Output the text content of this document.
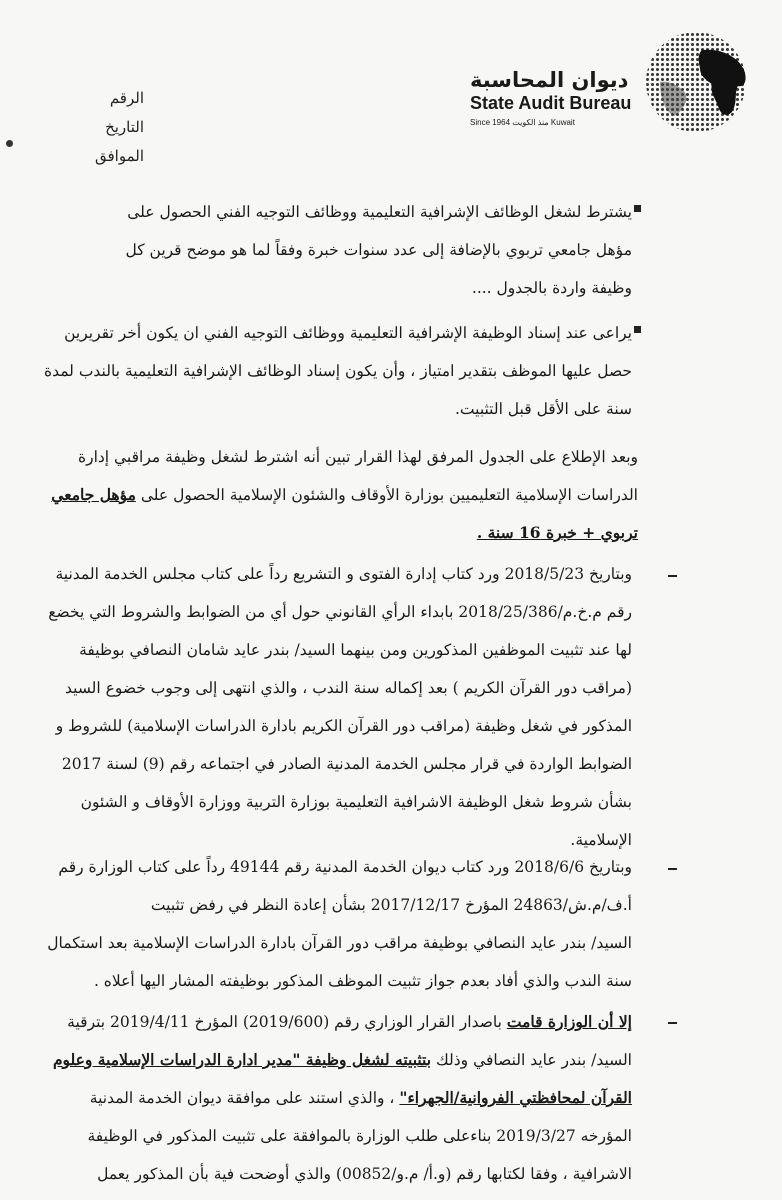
الرقم
التاريخ
الموافق
ديوان المحاسبة
State Audit Bureau
Since 1964 منذ الكويت Kuwait
يشترط لشغل الوظائف الإشرافية التعليمية ووظائف التوجيه الفني الحصول على
مؤهل جامعي تربوي بالإضافة إلى عدد سنوات خبرة وفقاً لما هو موضح قرين كل
وظيفة واردة بالجدول ....
يراعى عند إسناد الوظيفة الإشرافية التعليمية ووظائف التوجيه الفني ان يكون أخر تقريرين
حصل عليها الموظف بتقدير امتياز ، وأن يكون إسناد الوظائف الإشرافية التعليمية بالندب لمدة
سنة على الأقل قبل التثبيت.
وبعد الإطلاع على الجدول المرفق لهذا القرار تبين أنه اشترط لشغل وظيفة مراقبي إدارة
الدراسات الإسلامية التعليميين بوزارة الأوقاف والشئون الإسلامية الحصول على مؤهل جامعي
تربوي + خبرة 16 سنة .
وبتاريخ 2018/5/23 ورد كتاب إدارة الفتوى و التشريع رداً على كتاب مجلس الخدمة المدنية
رقم م.خ.م/2018/25/386 بابداء الرأي القانوني حول أي من الضوابط والشروط التي يخضع
لها عند تثبيت الموظفين المذكورين ومن بينهما السيد/ بندر عايد شامان النصافي بوظيفة
(مراقب دور القرآن الكريم ) بعد إكماله سنة الندب ، والذي انتهى إلى وجوب خضوع السيد
المذكور في شغل وظيفة (مراقب دور القرآن الكريم بادارة الدراسات الإسلامية) للشروط و
الضوابط الواردة في قرار مجلس الخدمة المدنية الصادر في اجتماعه رقم (9) لسنة 2017
بشأن شروط شغل الوظيفة الاشرافية التعليمية بوزارة التربية ووزارة الأوقاف و الشئون
الإسلامية.
وبتاريخ 2018/6/6 ورد كتاب ديوان الخدمة المدنية رقم 49144 رداً على كتاب الوزارة رقم
أ.ف/م.ش/24863 المؤرخ 2017/12/17 بشأن إعادة النظر في رفض تثبيت
السيد/ بندر عايد النصافي بوظيفة مراقب دور القرآن بادارة الدراسات الإسلامية بعد استكمال
سنة الندب والذي أفاد بعدم جواز تثبيت الموظف المذكور بوظيفته المشار اليها أعلاه .
إلا أن الوزارة قامت باصدار القرار الوزاري رقم (2019/600) المؤرخ 2019/4/11 بترقية
السيد/ بندر عايد النصافي وذلك بتثبيته لشغل وظيفة "مدير ادارة الدراسات الإسلامية وعلوم
القرآن لمحافظتي الفروانية/الجهراء" ، والذي استند على موافقة ديوان الخدمة المدنية
المؤرخه 2019/3/27 بناءعلى طلب الوزارة بالموافقة على تثبيت المذكور في الوظيفة
الاشرافية ، وفقا لكتابها رقم (و.أ/ م.و/00852) والذي أوضحت فية بأن المذكور يعمل
